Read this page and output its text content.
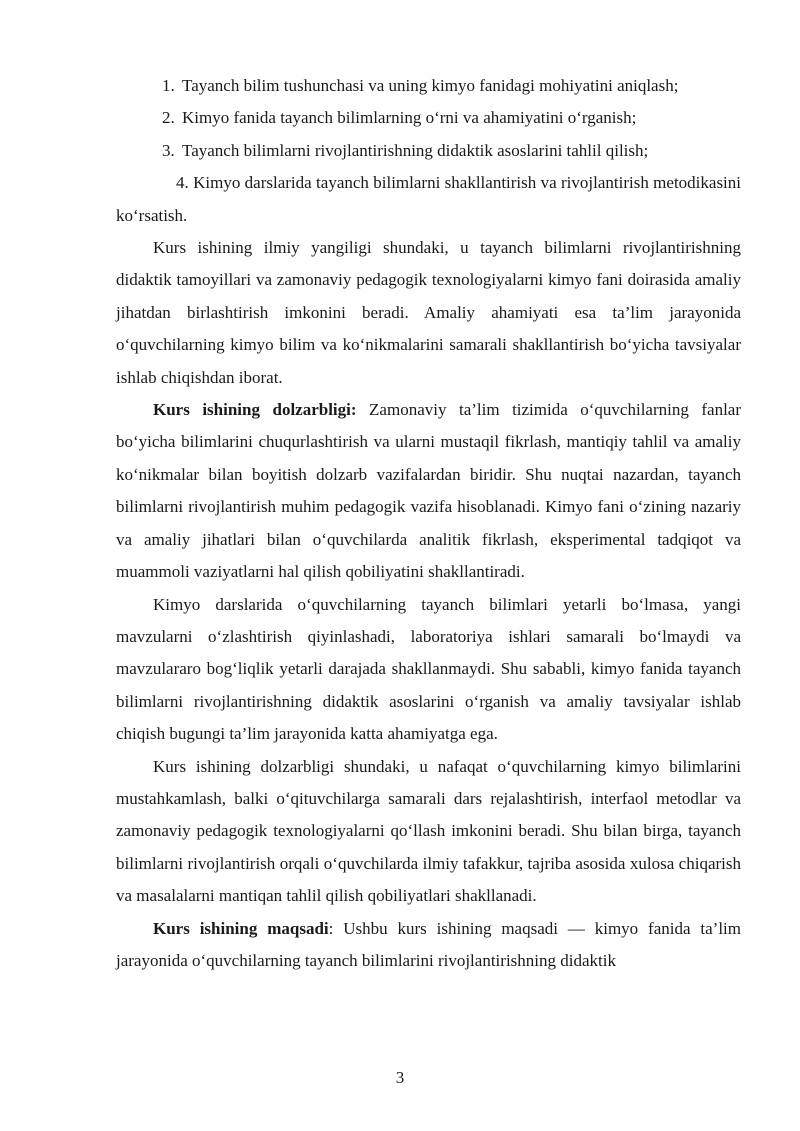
1. Tayanch bilim tushunchasi va uning kimyo fanidagi mohiyatini aniqlash;
2. Kimyo fanida tayanch bilimlarning o‘rni va ahamiyatini o‘rganish;
3. Tayanch bilimlarni rivojlantirishning didaktik asoslarini tahlil qilish;
4. Kimyo darslarida tayanch bilimlarni shakllantirish va rivojlantirish metodikasini ko‘rsatish.

Kurs ishining ilmiy yangiligi shundaki, u tayanch bilimlarni rivojlantirishning didaktik tamoyillari va zamonaviy pedagogik texnologiyalarni kimyo fani doirasida amaliy jihatdan birlashtirish imkonini beradi. Amaliy ahamiyati esa ta’lim jarayonida o‘quvchilarning kimyo bilim va ko‘nikmalarini samarali shakllantirish bo‘yicha tavsiyalar ishlab chiqishdan iborat.

Kurs ishining dolzarbligi: Zamonaviy ta’lim tizimida o‘quvchilarning fanlar bo‘yicha bilimlarini chuqurlashtirish va ularni mustaqil fikrlash, mantiqiy tahlil va amaliy ko‘nikmalar bilan boyitish dolzarb vazifalardan biridir. Shu nuqtai nazardan, tayanch bilimlarni rivojlantirish muhim pedagogik vazifa hisoblanadi. Kimyo fani o‘zining nazariy va amaliy jihatlari bilan o‘quvchilarda analitik fikrlash, eksperimental tadqiqot va muammoli vaziyatlarni hal qilish qobiliyatini shakllantiradi.

Kimyo darslarida o‘quvchilarning tayanch bilimlari yetarli bo‘lmasa, yangi mavzularni o‘zlashtirish qiyinlashadi, laboratoriya ishlari samarali bo‘lmaydi va mavzulararo bog‘liqlik yetarli darajada shakllanmaydi. Shu sababli, kimyo fanida tayanch bilimlarni rivojlantirishning didaktik asoslarini o‘rganish va amaliy tavsiyalar ishlab chiqish bugungi ta’lim jarayonida katta ahamiyatga ega.

Kurs ishining dolzarbligi shundaki, u nafaqat o‘quvchilarning kimyo bilimlarini mustahkamlash, balki o‘qituvchilarga samarali dars rejalashtirish, interfaol metodlar va zamonaviy pedagogik texnologiyalarni qo‘llash imkonini beradi. Shu bilan birga, tayanch bilimlarni rivojlantirish orqali o‘quvchilarda ilmiy tafakkur, tajriba asosida xulosa chiqarish va masalalarni mantiqan tahlil qilish qobiliyatlari shakllanadi.

Kurs ishining maqsadi: Ushbu kurs ishining maqsadi — kimyo fanida ta’lim jarayonida o‘quvchilarning tayanch bilimlarini rivojlantirishning didaktik

3
